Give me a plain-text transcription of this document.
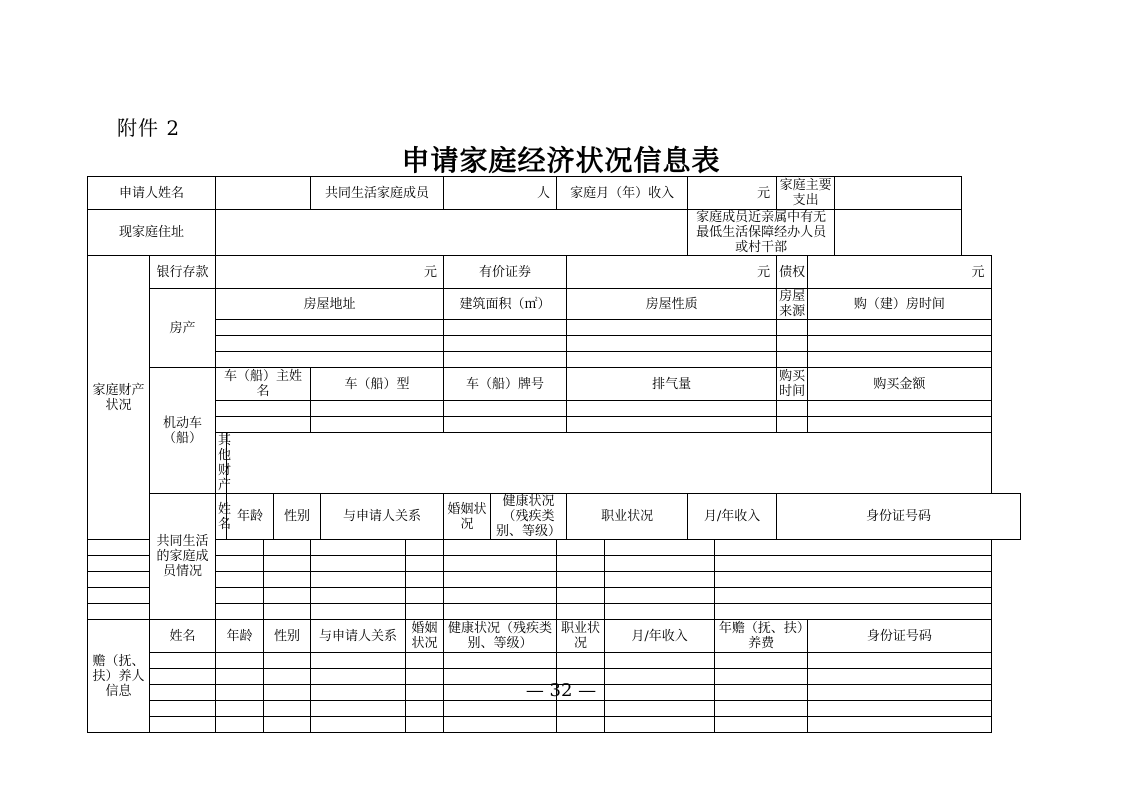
附件 2
申请家庭经济状况信息表
申请人姓名						共同生活家庭成员			人		家庭月（年）收入			元		家庭主要支出		
现家庭住址														家庭成员近亲属中有无最低生活保障经办人员或村干部				
家庭财产状况	银行存款	元							有价证券			元				债权	元	
	房产	房屋地址							建筑面积（㎡）			房屋性质				房屋来源	购（建）房时间	

	机动车（船）	车（船）主姓名				车（船）型			车（船）牌号			排气量				购买时间	购买金额	

		其他财产																
	共同生活的家庭成员情况	姓名	年龄		性别		与申请人关系		婚姻状况	健康状况（残疾类别、等级）		职业状况		月/年收入		身份证号码		

赡（抚、扶）养人信息	姓名	年龄		性别		与申请人关系		婚姻状况	健康状况（残疾类别、等级）		职业状况		月/年收入		年赡（抚、扶）养费		身份证号码	

— 32 —
